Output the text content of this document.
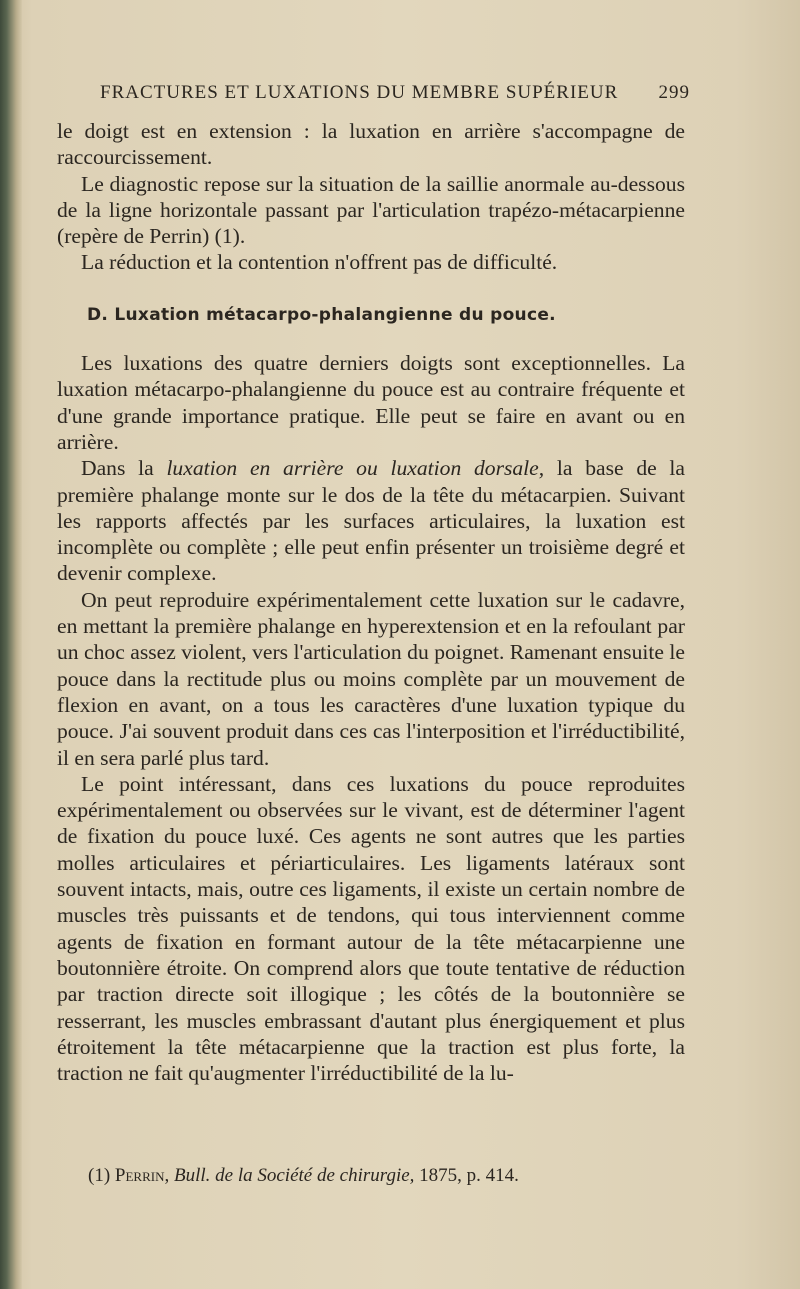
FRACTURES ET LUXATIONS DU MEMBRE SUPÉRIEUR 299

le doigt est en extension : la luxation en arrière s'accompagne de raccourcissement.

Le diagnostic repose sur la situation de la saillie anormale au-dessous de la ligne horizontale passant par l'articulation trapézo-métacarpienne (repère de Perrin) (1).

La réduction et la contention n'offrent pas de difficulté.

D. Luxation métacarpo-phalangienne du pouce.

Les luxations des quatre derniers doigts sont exceptionnelles. La luxation métacarpo-phalangienne du pouce est au contraire fréquente et d'une grande importance pratique. Elle peut se faire en avant ou en arrière.

Dans la luxation en arrière ou luxation dorsale, la base de la première phalange monte sur le dos de la tête du métacarpien. Suivant les rapports affectés par les surfaces articulaires, la luxation est incomplète ou complète ; elle peut enfin présenter un troisième degré et devenir complexe.

On peut reproduire expérimentalement cette luxation sur le cadavre, en mettant la première phalange en hyperextension et en la refoulant par un choc assez violent, vers l'articulation du poignet. Ramenant ensuite le pouce dans la rectitude plus ou moins complète par un mouvement de flexion en avant, on a tous les caractères d'une luxation typique du pouce. J'ai souvent produit dans ces cas l'interposition et l'irréductibilité, il en sera parlé plus tard.

Le point intéressant, dans ces luxations du pouce reproduites expérimentalement ou observées sur le vivant, est de déterminer l'agent de fixation du pouce luxé. Ces agents ne sont autres que les parties molles articulaires et périarticulaires. Les ligaments latéraux sont souvent intacts, mais, outre ces ligaments, il existe un certain nombre de muscles très puissants et de tendons, qui tous interviennent comme agents de fixation en formant autour de la tête métacarpienne une boutonnière étroite. On comprend alors que toute tentative de réduction par traction directe soit illogique ; les côtés de la boutonnière se resserrant, les muscles embrassant d'autant plus énergiquement et plus étroitement la tête métacarpienne que la traction est plus forte, la traction ne fait qu'augmenter l'irréductibilité de la lu-

(1) Perrin, Bull. de la Société de chirurgie, 1875, p. 414.
